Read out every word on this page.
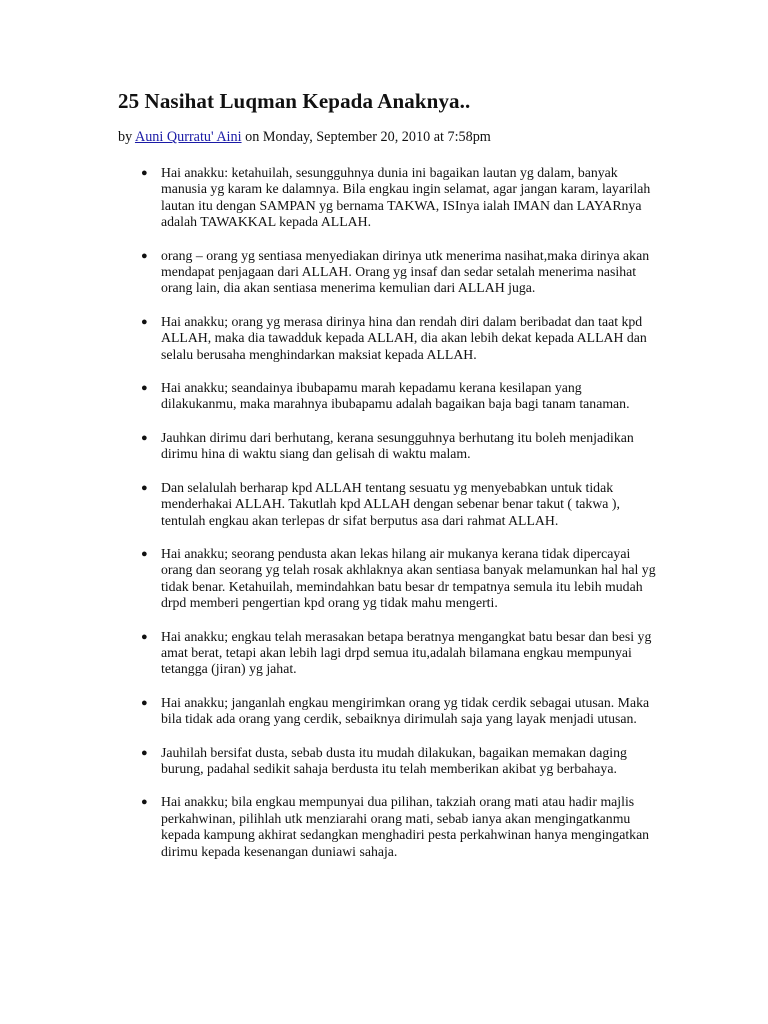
25 Nasihat Luqman Kepada Anaknya..
by Auni Qurratu' Aini on Monday, September 20, 2010 at 7:58pm
● Hai anakku: ketahuilah, sesungguhnya dunia ini bagaikan lautan yg dalam, banyak manusia yg karam ke dalamnya. Bila engkau ingin selamat, agar jangan karam, layarilah lautan itu dengan SAMPAN yg bernama TAKWA, ISInya ialah IMAN dan LAYARnya adalah TAWAKKAL kepada ALLAH.
● orang – orang yg sentiasa menyediakan dirinya utk menerima nasihat,maka dirinya akan mendapat penjagaan dari ALLAH. Orang yg insaf dan sedar setalah menerima nasihat orang lain, dia akan sentiasa menerima kemulian dari ALLAH juga.
● Hai anakku; orang yg merasa dirinya hina dan rendah diri dalam beribadat dan taat kpd ALLAH, maka dia tawadduk kepada ALLAH, dia akan lebih dekat kepada ALLAH dan selalu berusaha menghindarkan maksiat kepada ALLAH.
● Hai anakku; seandainya ibubapamu marah kepadamu kerana kesilapan yang dilakukanmu, maka marahnya ibubapamu adalah bagaikan baja bagi tanam tanaman.
● Jauhkan dirimu dari berhutang, kerana sesungguhnya berhutang itu boleh menjadikan dirimu hina di waktu siang dan gelisah di waktu malam.
● Dan selalulah berharap kpd ALLAH tentang sesuatu yg menyebabkan untuk tidak menderhakai ALLAH. Takutlah kpd ALLAH dengan sebenar benar takut ( takwa ), tentulah engkau akan terlepas dr sifat berputus asa dari rahmat ALLAH.
● Hai anakku; seorang pendusta akan lekas hilang air mukanya kerana tidak dipercayai orang dan seorang yg telah rosak akhlaknya akan sentiasa banyak melamunkan hal hal yg tidak benar. Ketahuilah, memindahkan batu besar dr tempatnya semula itu lebih mudah drpd memberi pengertian kpd orang yg tidak mahu mengerti.
● Hai anakku; engkau telah merasakan betapa beratnya mengangkat batu besar dan besi yg amat berat, tetapi akan lebih lagi drpd semua itu,adalah bilamana engkau mempunyai tetangga (jiran) yg jahat.
● Hai anakku; janganlah engkau mengirimkan orang yg tidak cerdik sebagai utusan. Maka bila tidak ada orang yang cerdik, sebaiknya dirimulah saja yang layak menjadi utusan.
● Jauhilah bersifat dusta, sebab dusta itu mudah dilakukan, bagaikan memakan daging burung, padahal sedikit sahaja berdusta itu telah memberikan akibat yg berbahaya.
● Hai anakku; bila engkau mempunyai dua pilihan, takziah orang mati atau hadir majlis perkahwinan, pilihlah utk menziarahi orang mati, sebab ianya akan mengingatkanmu kepada kampung akhirat sedangkan menghadiri pesta perkahwinan hanya mengingatkan dirimu kepada kesenangan duniawi sahaja.
